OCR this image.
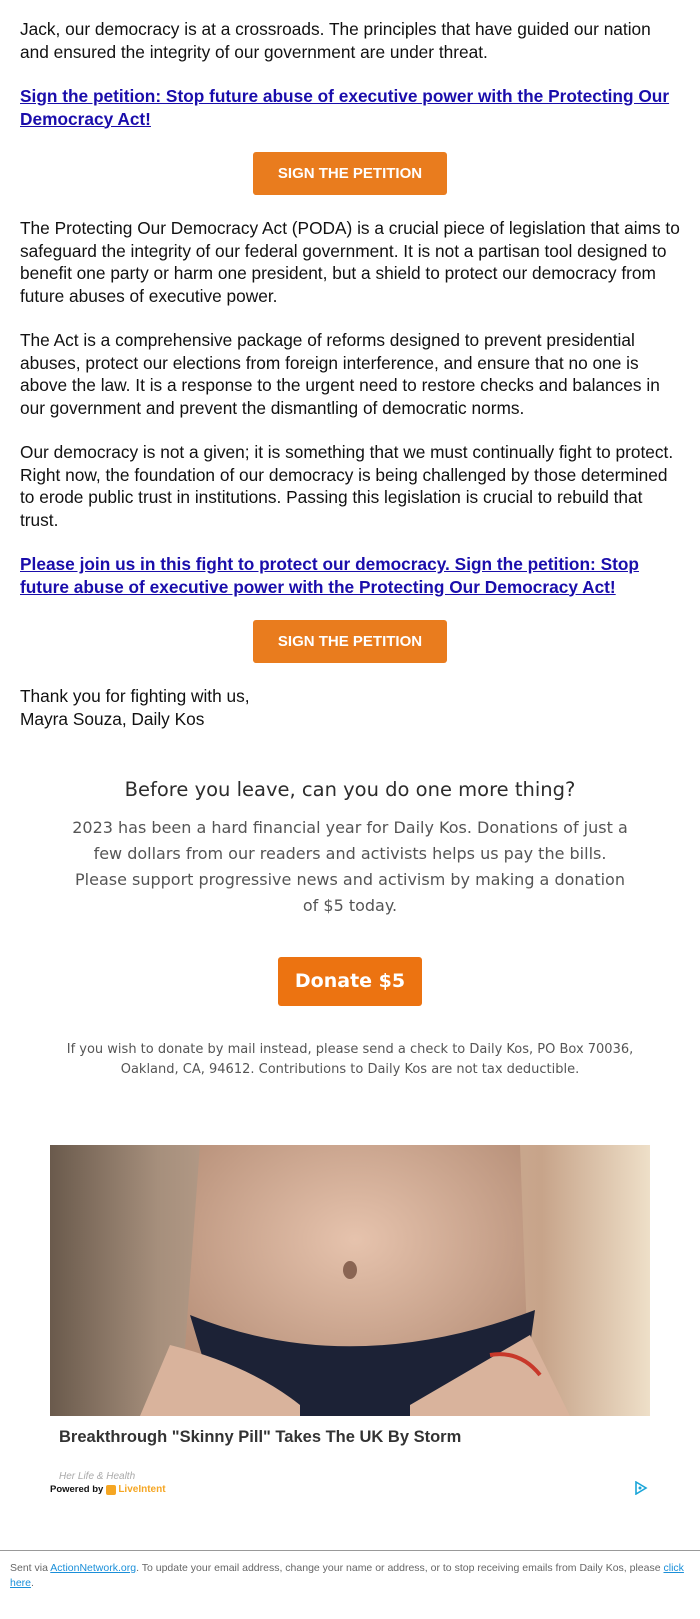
Jack, our democracy is at a crossroads. The principles that have guided our nation and ensured the integrity of our government are under threat.

Sign the petition: Stop future abuse of executive power with the Protecting Our Democracy Act!
SIGN THE PETITION

The Protecting Our Democracy Act (PODA) is a crucial piece of legislation that aims to safeguard the integrity of our federal government. It is not a partisan tool designed to benefit one party or harm one president, but a shield to protect our democracy from future abuses of executive power.

The Act is a comprehensive package of reforms designed to prevent presidential abuses, protect our elections from foreign interference, and ensure that no one is above the law. It is a response to the urgent need to restore checks and balances in our government and prevent the dismantling of democratic norms.

Our democracy is not a given; it is something that we must continually fight to protect. Right now, the foundation of our democracy is being challenged by those determined to erode public trust in institutions. Passing this legislation is crucial to rebuild that trust.

Please join us in this fight to protect our democracy. Sign the petition: Stop future abuse of executive power with the Protecting Our Democracy Act!
SIGN THE PETITION

Thank you for fighting with us,

Mayra Souza, Daily Kos

Before you leave, can you do one more thing?
2023 has been a hard financial year for Daily Kos. Donations of just a few dollars from our readers and activists helps us pay the bills. Please support progressive news and activism by making a donation of $5 today.
Donate $5
If you wish to donate by mail instead, please send a check to Daily Kos, PO Box 70036, Oakland, CA, 94612. Contributions to Daily Kos are not tax deductible.
Breakthrough "Skinny Pill" Takes The UK By Storm
Her Life & Health
Powered by LiveIntent
Sent via ActionNetwork.org. To update your email address, change your name or address, or to stop receiving emails from Daily Kos, please click here.
